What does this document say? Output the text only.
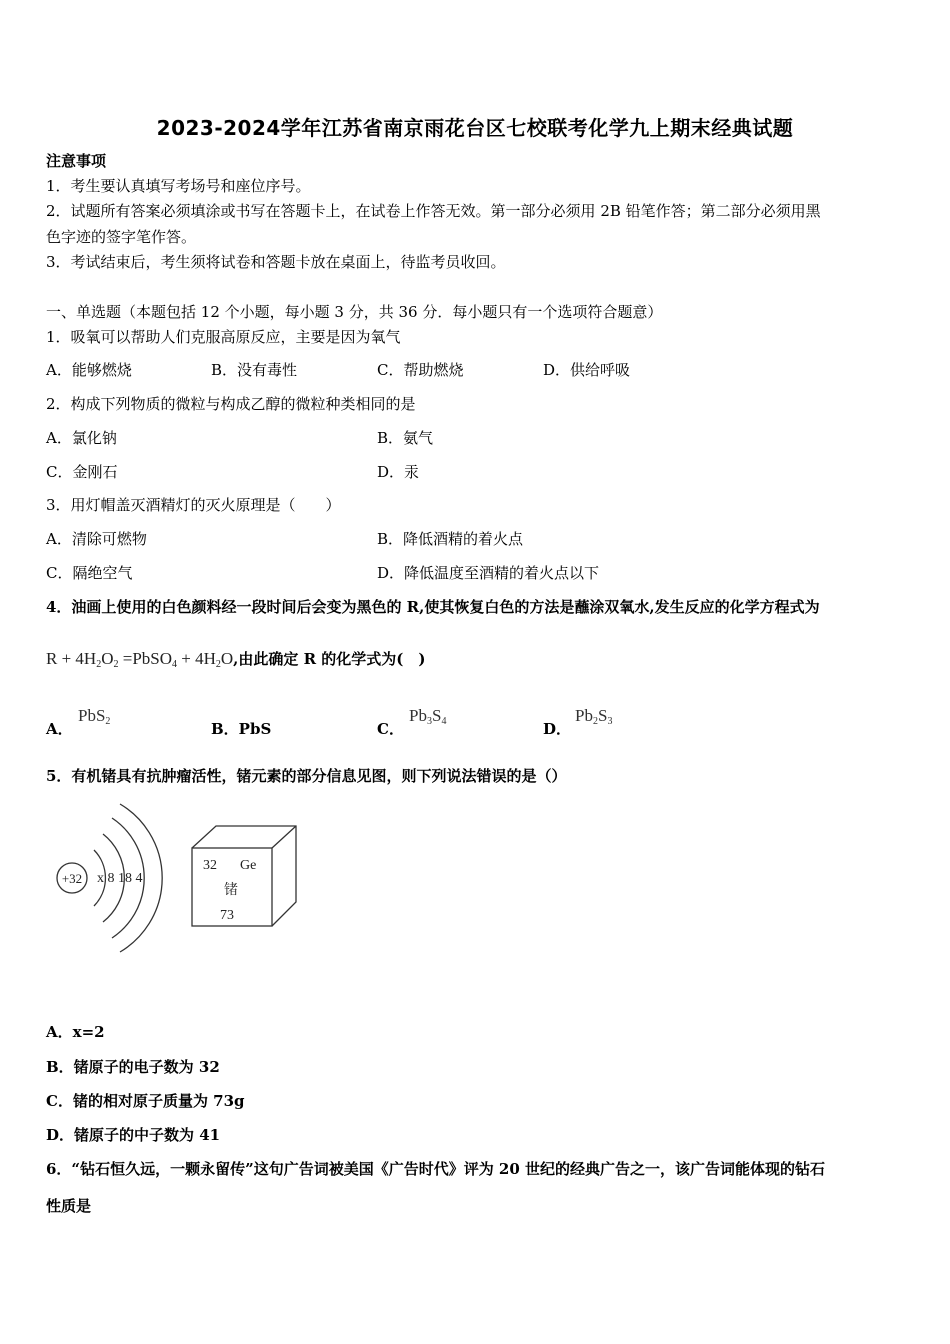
2023-2024学年江苏省南京雨花台区七校联考化学九上期末经典试题
注意事项
1．考生要认真填写考场号和座位序号。
2．试题所有答案必须填涂或书写在答题卡上，在试卷上作答无效。第一部分必须用 2B 铅笔作答；第二部分必须用黑
色字迹的签字笔作答。
3．考试结束后，考生须将试卷和答题卡放在桌面上，待监考员收回。
一、单选题（本题包括 12 个小题，每小题 3 分，共 36 分．每小题只有一个选项符合题意）
1．吸氧可以帮助人们克服高原反应，主要是因为氧气
A．能够燃烧	B．没有毒性	C．帮助燃烧	D．供给呼吸
2．构成下列物质的微粒与构成乙醇的微粒种类相同的是
A．氯化钠	B．氨气
C．金刚石	D．汞
3．用灯帽盖灭酒精灯的灭火原理是（　　）
A．清除可燃物	B．降低酒精的着火点
C．隔绝空气	D．降低温度至酒精的着火点以下
4．油画上使用的白色颜料经一段时间后会变为黑色的 R,使其恢复白色的方法是蘸涂双氧水,发生反应的化学方程式为
$R + 4H_2O_2$ =PbSO$_4$ + $4H_2O$,由此确定 R 的化学式为(　)
A．
PbS$_2$	B．PbS	C．
$Pb_3S_4$	D．
$Pb_2S_3$
5．有机锗具有抗肿瘤活性，锗元素的部分信息见图，则下列说法错误的是（）
+32 x 8 18 4
32 Ge
锗
73
A．x=2
B．锗原子的电子数为 32
C．锗的相对原子质量为 73g
D．锗原子的中子数为 41
6．“钻石恒久远，一颗永留传”这句广告词被美国《广告时代》评为 20 世纪的经典广告之一，该广告词能体现的钻石
性质是
